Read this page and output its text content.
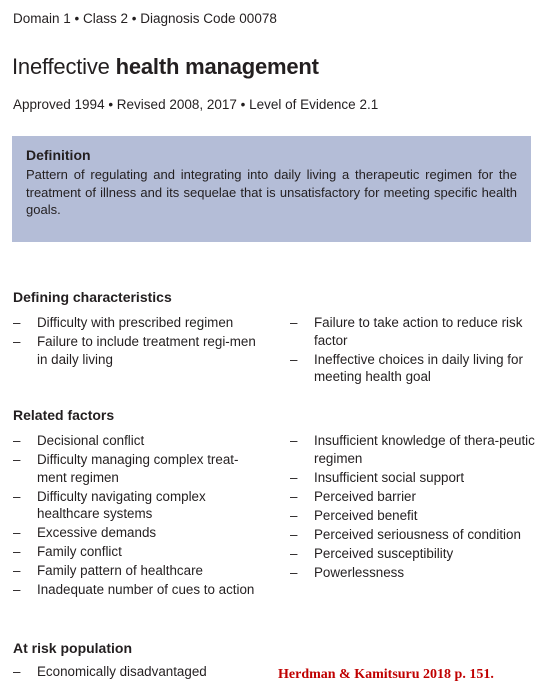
Domain 1 • Class 2 • Diagnosis Code 00078
Ineffective health management
Approved 1994 • Revised 2008, 2017 • Level of Evidence 2.1
Definition
Pattern of regulating and integrating into daily living a therapeutic regimen for the treatment of illness and its sequelae that is unsatisfactory for meeting specific health goals.
Defining characteristics
– Difficulty with prescribed regimen
– Failure to include treatment regi-men in daily living
– Failure to take action to reduce risk factor
– Ineffective choices in daily living for meeting health goal
Related factors
– Decisional conflict
– Difficulty managing complex treat-ment regimen
– Difficulty navigating complex healthcare systems
– Excessive demands
– Family conflict
– Family pattern of healthcare
– Inadequate number of cues to action
– Insufficient knowledge of thera-peutic regimen
– Insufficient social support
– Perceived barrier
– Perceived benefit
– Perceived seriousness of condition
– Perceived susceptibility
– Powerlessness
At risk population
– Economically disadvantaged	Herdman & Kamitsuru 2018 p. 151.
